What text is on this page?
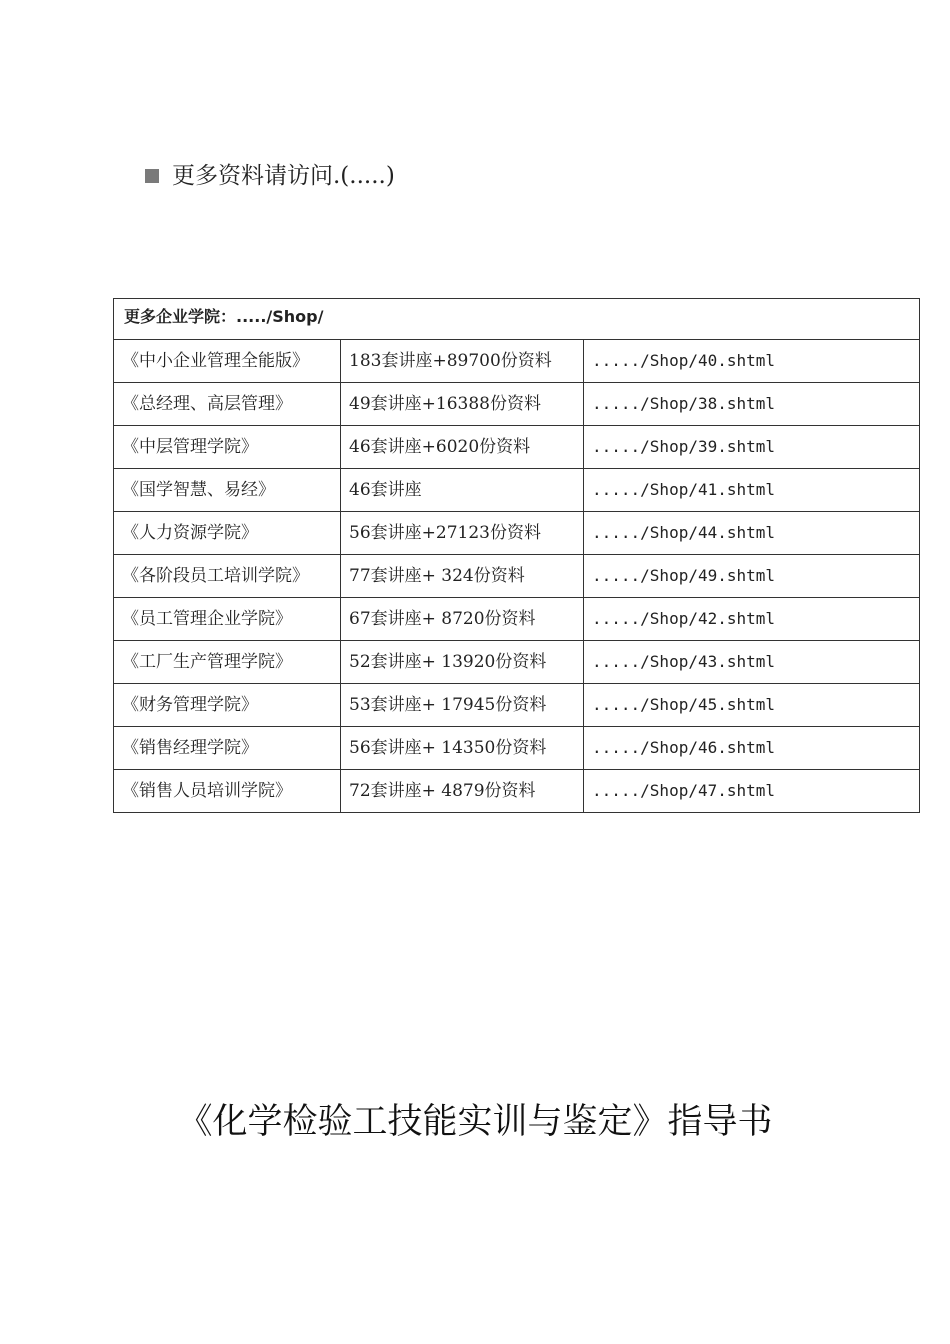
更多资料请访问.(.....)
更多企业学院：...../Shop/		
《中小企业管理全能版》	183套讲座+89700份资料	...../Shop/40.shtml
《总经理、高层管理》	49套讲座+16388份资料	...../Shop/38.shtml
《中层管理学院》	46套讲座+6020份资料	...../Shop/39.shtml
《国学智慧、易经》	46套讲座	...../Shop/41.shtml
《人力资源学院》	56套讲座+27123份资料	...../Shop/44.shtml
《各阶段员工培训学院》	77套讲座+ 324份资料	...../Shop/49.shtml
《员工管理企业学院》	67套讲座+ 8720份资料	...../Shop/42.shtml
《工厂生产管理学院》	52套讲座+ 13920份资料	...../Shop/43.shtml
《财务管理学院》	53套讲座+ 17945份资料	...../Shop/45.shtml
《销售经理学院》	56套讲座+ 14350份资料	...../Shop/46.shtml
《销售人员培训学院》	72套讲座+ 4879份资料	...../Shop/47.shtml
《化学检验工技能实训与鉴定》指导书
